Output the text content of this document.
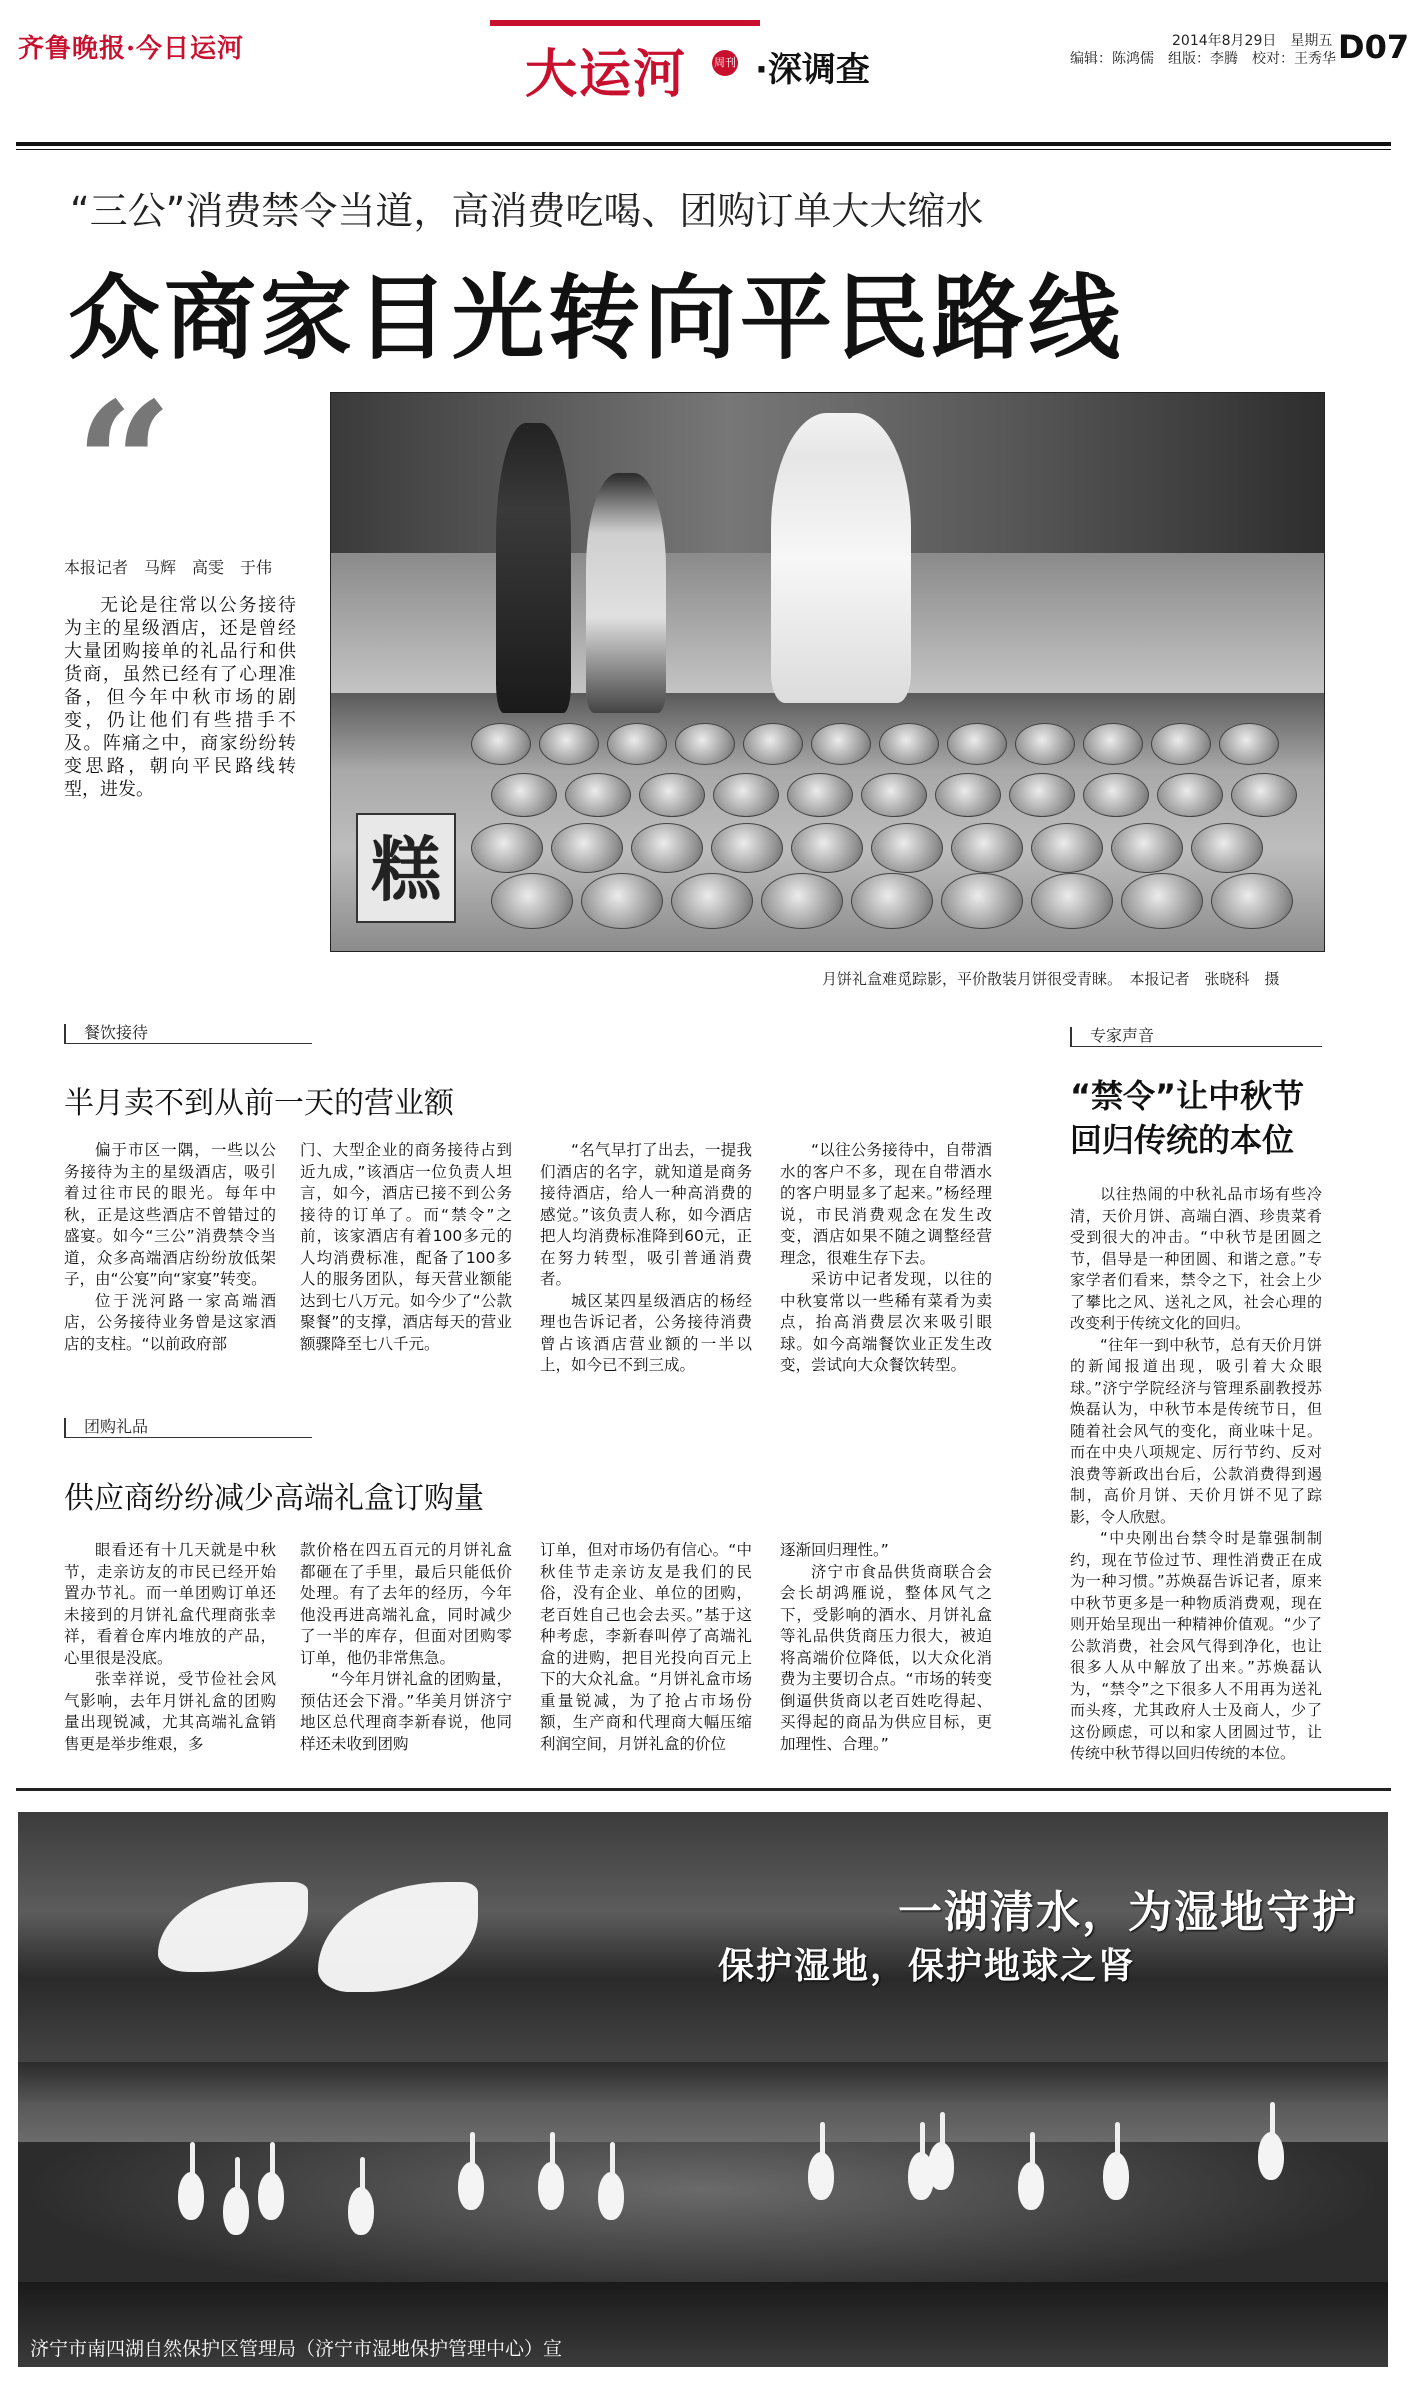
齐鲁晚报·今日运河	大运河 周刊 ·深调查
2014年8月29日　星期五
编辑：陈鸿儒　组版：李腾　校对：王秀华 D07
“三公”消费禁令当道，高消费吃喝、团购订单大大缩水
众商家目光转向平民路线
“
本报记者　马辉　高雯　于伟
无论是往常以公务接待为主的星级酒店，还是曾经大量团购接单的礼品行和供货商，虽然已经有了心理准备，但今年中秋市场的剧变，仍让他们有些措手不及。阵痛之中，商家纷纷转变思路，朝向平民路线转型，进发。
糕
月饼礼盒难觅踪影，平价散装月饼很受青睐。　本报记者　张晓科　摄
餐饮接待
半月卖不到从前一天的营业额

偏于市区一隅，一些以公务接待为主的星级酒店，吸引着过往市民的眼光。每年中秋，正是这些酒店不曾错过的盛宴。如今“三公”消费禁令当道，众多高端酒店纷纷放低架子，由“公宴”向“家宴”转变。

位于洸河路一家高端酒店，公务接待业务曾是这家酒店的支柱。“以前政府部

门、大型企业的商务接待占到近九成，”该酒店一位负责人坦言，如今，酒店已接不到公务接待的订单了。而“禁令”之前，该家酒店有着100多元的人均消费标准，配备了100多人的服务团队，每天营业额能达到七八万元。如今少了“公款聚餐”的支撑，酒店每天的营业额骤降至七八千元。

“名气早打了出去，一提我们酒店的名字，就知道是商务接待酒店，给人一种高消费的感觉。”该负责人称，如今酒店把人均消费标准降到60元，正在努力转型，吸引普通消费者。

城区某四星级酒店的杨经理也告诉记者，公务接待消费曾占该酒店营业额的一半以上，如今已不到三成。

“以往公务接待中，自带酒水的客户不多，现在自带酒水的客户明显多了起来。”杨经理说，市民消费观念在发生改变，酒店如果不随之调整经营理念，很难生存下去。

采访中记者发现，以往的中秋宴常以一些稀有菜肴为卖点，抬高消费层次来吸引眼球。如今高端餐饮业正发生改变，尝试向大众餐饮转型。

团购礼品
供应商纷纷减少高端礼盒订购量

眼看还有十几天就是中秋节，走亲访友的市民已经开始置办节礼。而一单团购订单还未接到的月饼礼盒代理商张幸祥，看着仓库内堆放的产品，心里很是没底。

张幸祥说，受节俭社会风气影响，去年月饼礼盒的团购量出现锐减，尤其高端礼盒销售更是举步维艰，多

款价格在四五百元的月饼礼盒都砸在了手里，最后只能低价处理。有了去年的经历，今年他没再进高端礼盒，同时减少了一半的库存，但面对团购零订单，他仍非常焦急。

“今年月饼礼盒的团购量，预估还会下滑。”华美月饼济宁地区总代理商李新春说，他同样还未收到团购

订单，但对市场仍有信心。“中秋佳节走亲访友是我们的民俗，没有企业、单位的团购，老百姓自己也会去买。”基于这种考虑，李新春叫停了高端礼盒的进购，把目光投向百元上下的大众礼盒。“月饼礼盒市场重量锐减，为了抢占市场份额，生产商和代理商大幅压缩利润空间，月饼礼盒的价位

逐渐回归理性。”

济宁市食品供货商联合会会长胡鸿雁说，整体风气之下，受影响的酒水、月饼礼盒等礼品供货商压力很大，被迫将高端价位降低，以大众化消费为主要切合点。“市场的转变倒逼供货商以老百姓吃得起、买得起的商品为供应目标，更加理性、合理。”

专家声音
“禁令”让中秋节
回归传统的本位

以往热闹的中秋礼品市场有些冷清，天价月饼、高端白酒、珍贵菜肴受到很大的冲击。“中秋节是团圆之节，倡导是一种团圆、和谐之意。”专家学者们看来，禁令之下，社会上少了攀比之风、送礼之风，社会心理的改变利于传统文化的回归。

“往年一到中秋节，总有天价月饼的新闻报道出现，吸引着大众眼球。”济宁学院经济与管理系副教授苏焕磊认为，中秋节本是传统节日，但随着社会风气的变化，商业味十足。而在中央八项规定、厉行节约、反对浪费等新政出台后，公款消费得到遏制，高价月饼、天价月饼不见了踪影，令人欣慰。

“中央刚出台禁令时是靠强制制约，现在节俭过节、理性消费正在成为一种习惯。”苏焕磊告诉记者，原来中秋节更多是一种物质消费观，现在则开始呈现出一种精神价值观。“少了公款消费，社会风气得到净化，也让很多人从中解放了出来。”苏焕磊认为，“禁令”之下很多人不用再为送礼而头疼，尤其政府人士及商人，少了这份顾虑，可以和家人团圆过节，让传统中秋节得以回归传统的本位。

一湖清水，为湿地守护
保护湿地，保护地球之肾
济宁市南四湖自然保护区管理局（济宁市湿地保护管理中心）宣
